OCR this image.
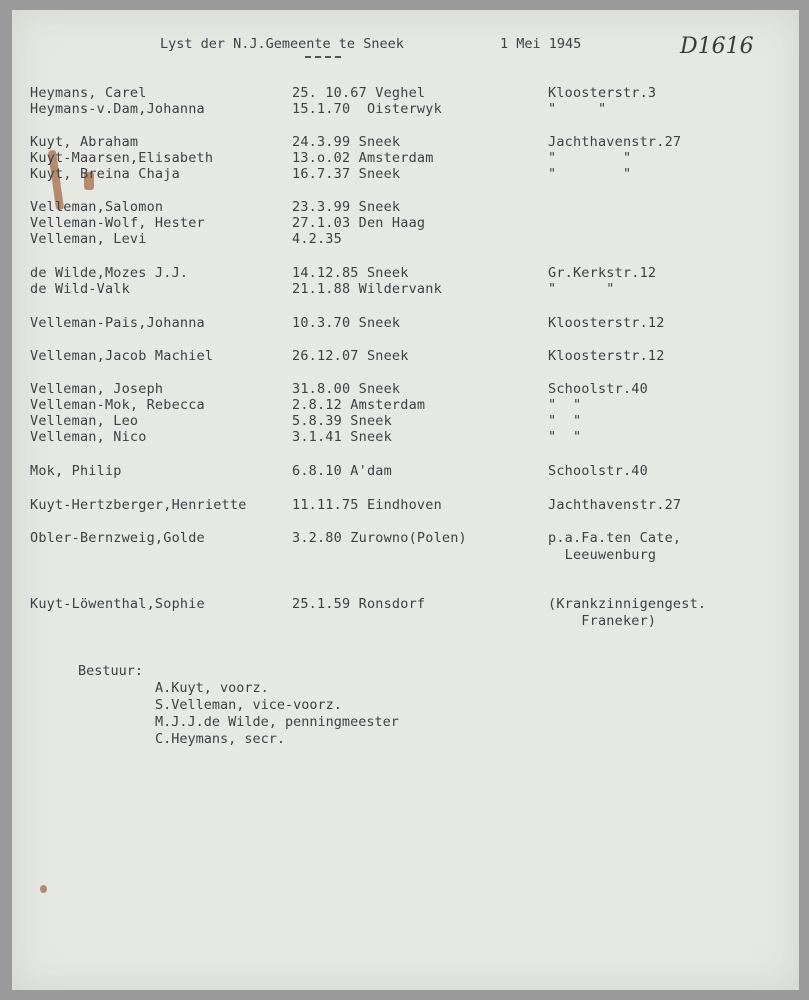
Lyst der N.J.Gemeente te Sneek	1 Mei 1945	D1616
Heymans, Carel	25. 10.67 Veghel	Kloosterstr.3
Heymans-v.Dam,Johanna	15.1.70  Oisterwyk	"     "
Kuyt, Abraham	24.3.99 Sneek	Jachthavenstr.27
Kuyt-Maarsen,Elisabeth	13.o.02 Amsterdam	"        "
Kuyt, Breina Chaja	16.7.37 Sneek	"        "
Velleman,Salomon	23.3.99 Sneek
Velleman-Wolf, Hester	27.1.03 Den Haag
Velleman, Levi	4.2.35
de Wilde,Mozes J.J.	14.12.85 Sneek	Gr.Kerkstr.12
de Wild-Valk	21.1.88 Wildervank	"      "
Velleman-Pais,Johanna	10.3.70 Sneek	Kloosterstr.12
Velleman,Jacob Machiel	26.12.07 Sneek	Kloosterstr.12
Velleman, Joseph	31.8.00 Sneek	Schoolstr.40
Velleman-Mok, Rebecca	2.8.12 Amsterdam	"  "
Velleman, Leo	5.8.39 Sneek	"  "
Velleman, Nico	3.1.41 Sneek	"  "
Mok, Philip	6.8.10 A'dam	Schoolstr.40
Kuyt-Hertzberger,Henriette	11.11.75 Eindhoven	Jachthavenstr.27
Obler-Bernzweig,Golde	3.2.80 Zurowno(Polen)	p.a.Fa.ten Cate,
Leeuwenburg
Kuyt-Löwenthal,Sophie	25.1.59 Ronsdorf	(Krankzinnigengest.
Franeker)
Bestuur:
A.Kuyt, voorz.
S.Velleman, vice-voorz.
M.J.J.de Wilde, penningmeester
C.Heymans, secr.
